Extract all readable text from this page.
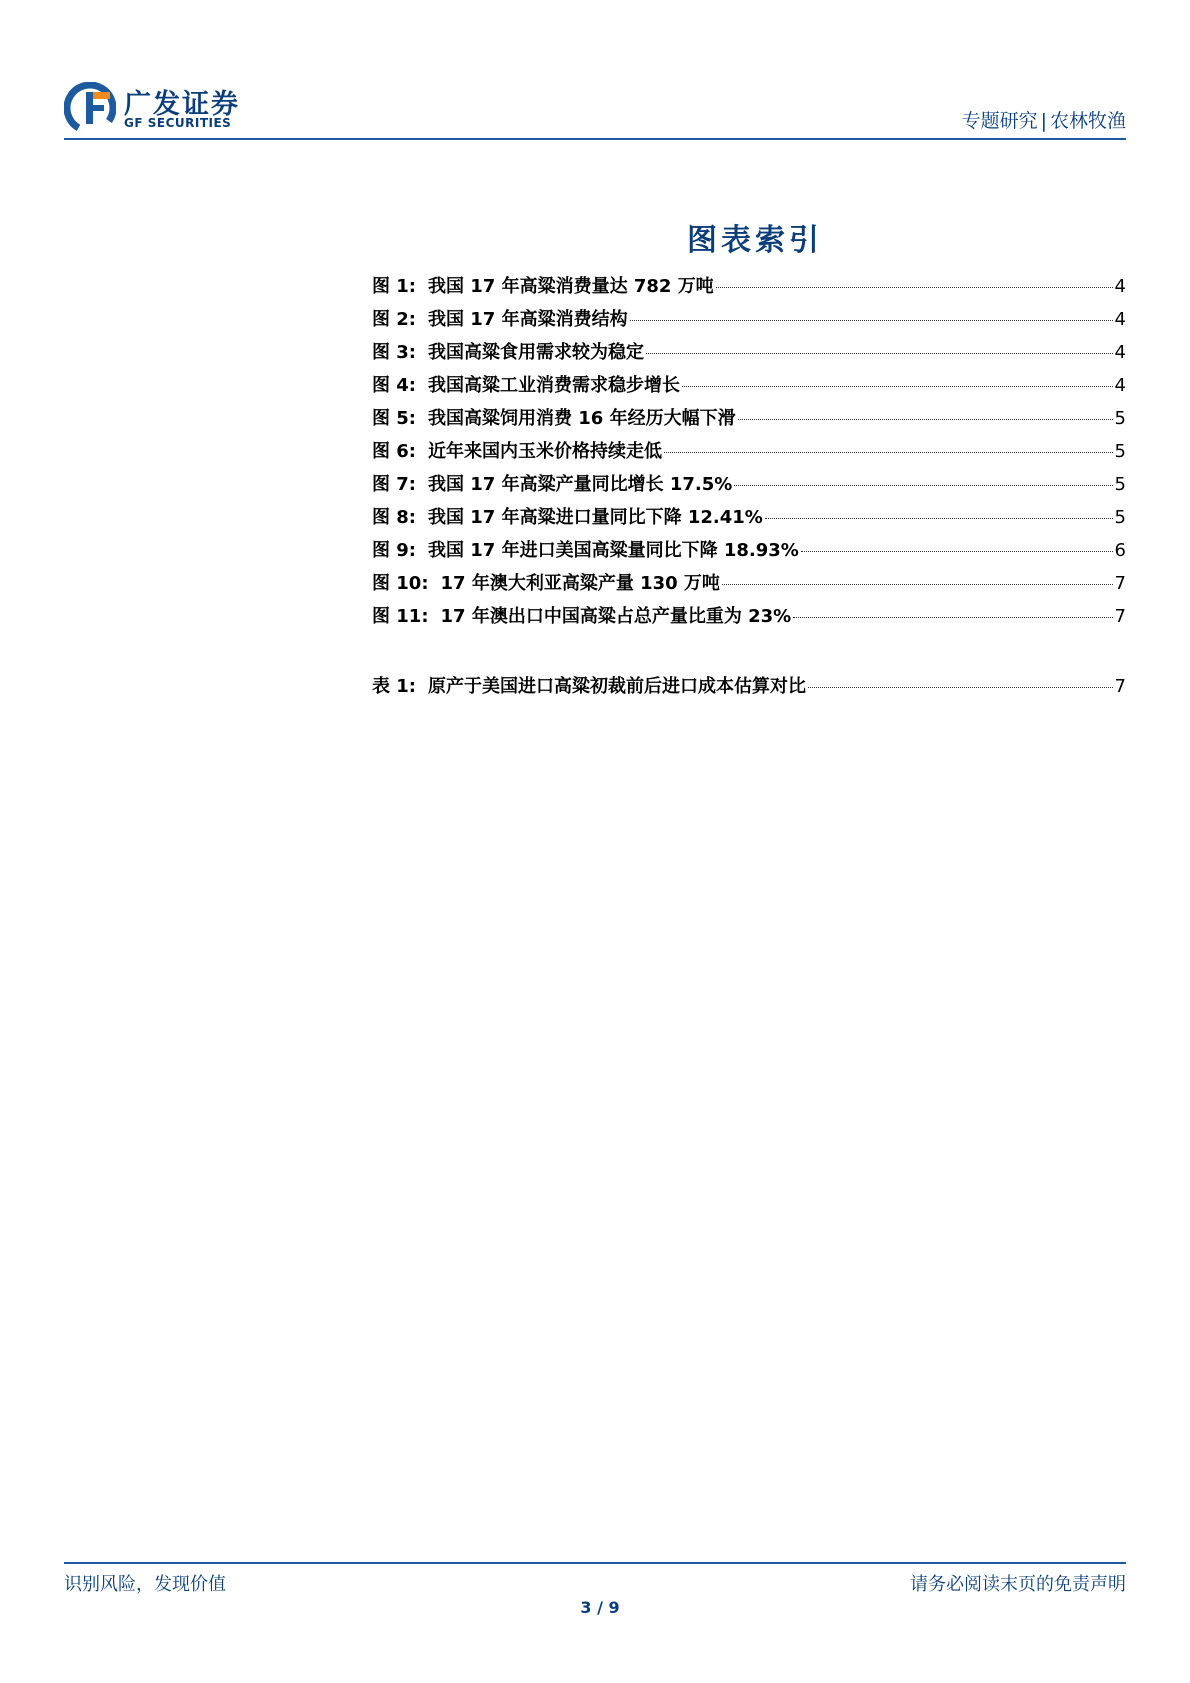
广发证券
GF SECURITIES	专题研究 | 农林牧渔
图表索引
图 1: 我国 17 年高粱消费量达 782 万吨	4
图 2: 我国 17 年高粱消费结构	4
图 3: 我国高粱食用需求较为稳定	4
图 4: 我国高粱工业消费需求稳步增长	4
图 5: 我国高粱饲用消费 16 年经历大幅下滑	5
图 6: 近年来国内玉米价格持续走低	5
图 7: 我国 17 年高粱产量同比增长 17.5%	5
图 8: 我国 17 年高粱进口量同比下降 12.41%	5
图 9: 我国 17 年进口美国高粱量同比下降 18.93%	6
图 10: 17 年澳大利亚高粱产量 130 万吨	7
图 11: 17 年澳出口中国高粱占总产量比重为 23%	7
表 1: 原产于美国进口高粱初裁前后进口成本估算对比	7
识别风险，发现价值	请务必阅读末页的免责声明
3 / 9
